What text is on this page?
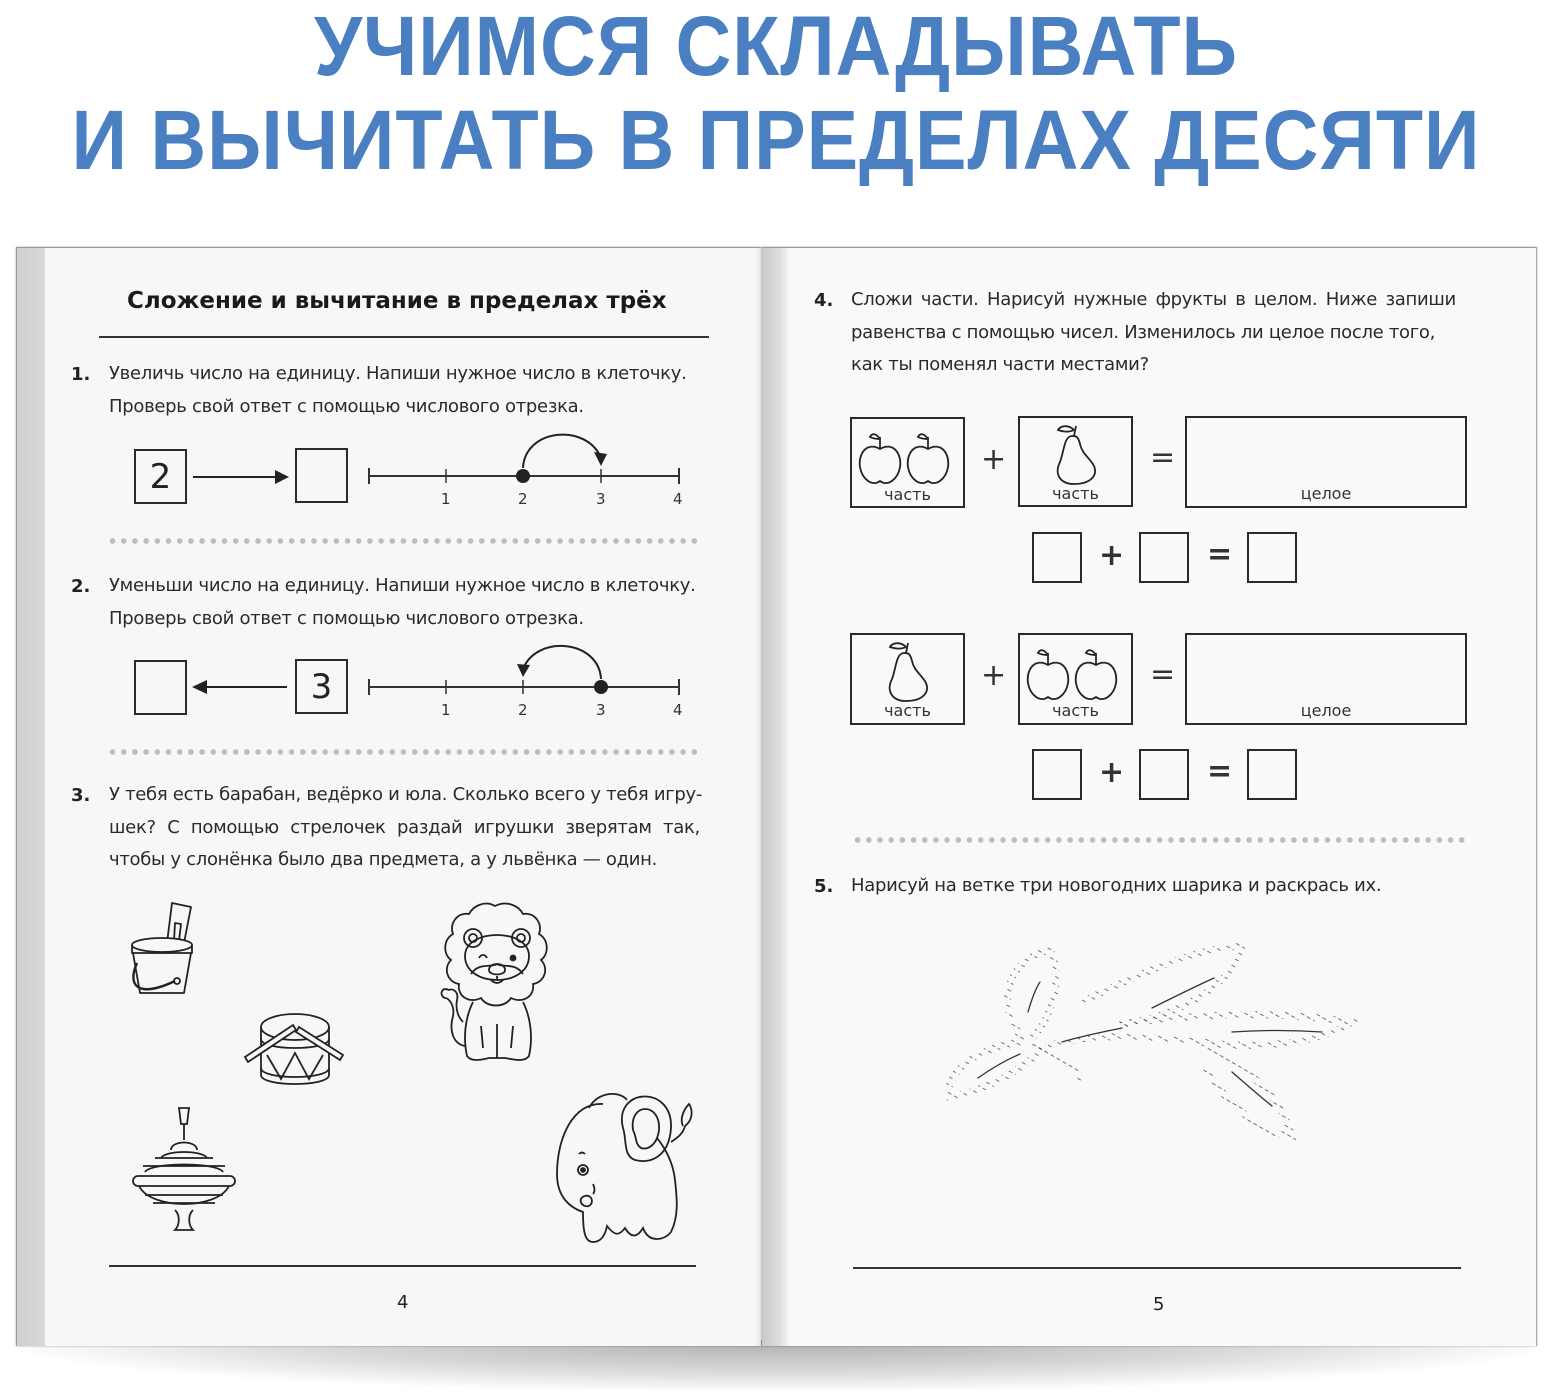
УЧИМСЯ СКЛАДЫВАТЬ
И ВЫЧИТАТЬ В ПРЕДЕЛАХ ДЕСЯТИ
Сложение и вычитание в пределах трёх
1. Увеличь число на единицу. Напиши нужное число в клеточку.
Проверь свой ответ с помощью числового отрезка.
2
1	2	3	4
2. Уменьши число на единицу. Напиши нужное число в клеточку.
Проверь свой ответ с помощью числового отрезка.
3
1	2	3	4
3. У тебя есть барабан, ведёрко и юла. Сколько всего у тебя игру-
шек? С помощью стрелочек раздай игрушки зверятам так,
чтобы у слонёнка было два предмета, а у львёнка — один.
4
4. Сложи части. Нарисуй нужные фрукты в целом. Ниже запиши
равенства с помощью чисел. Изменилось ли целое после того,
как ты поменял части местами?
часть
+
часть
=
целое
+	=
часть
+
часть
=
целое
+	=
5. Нарисуй на ветке три новогодних шарика и раскрась их.
5
